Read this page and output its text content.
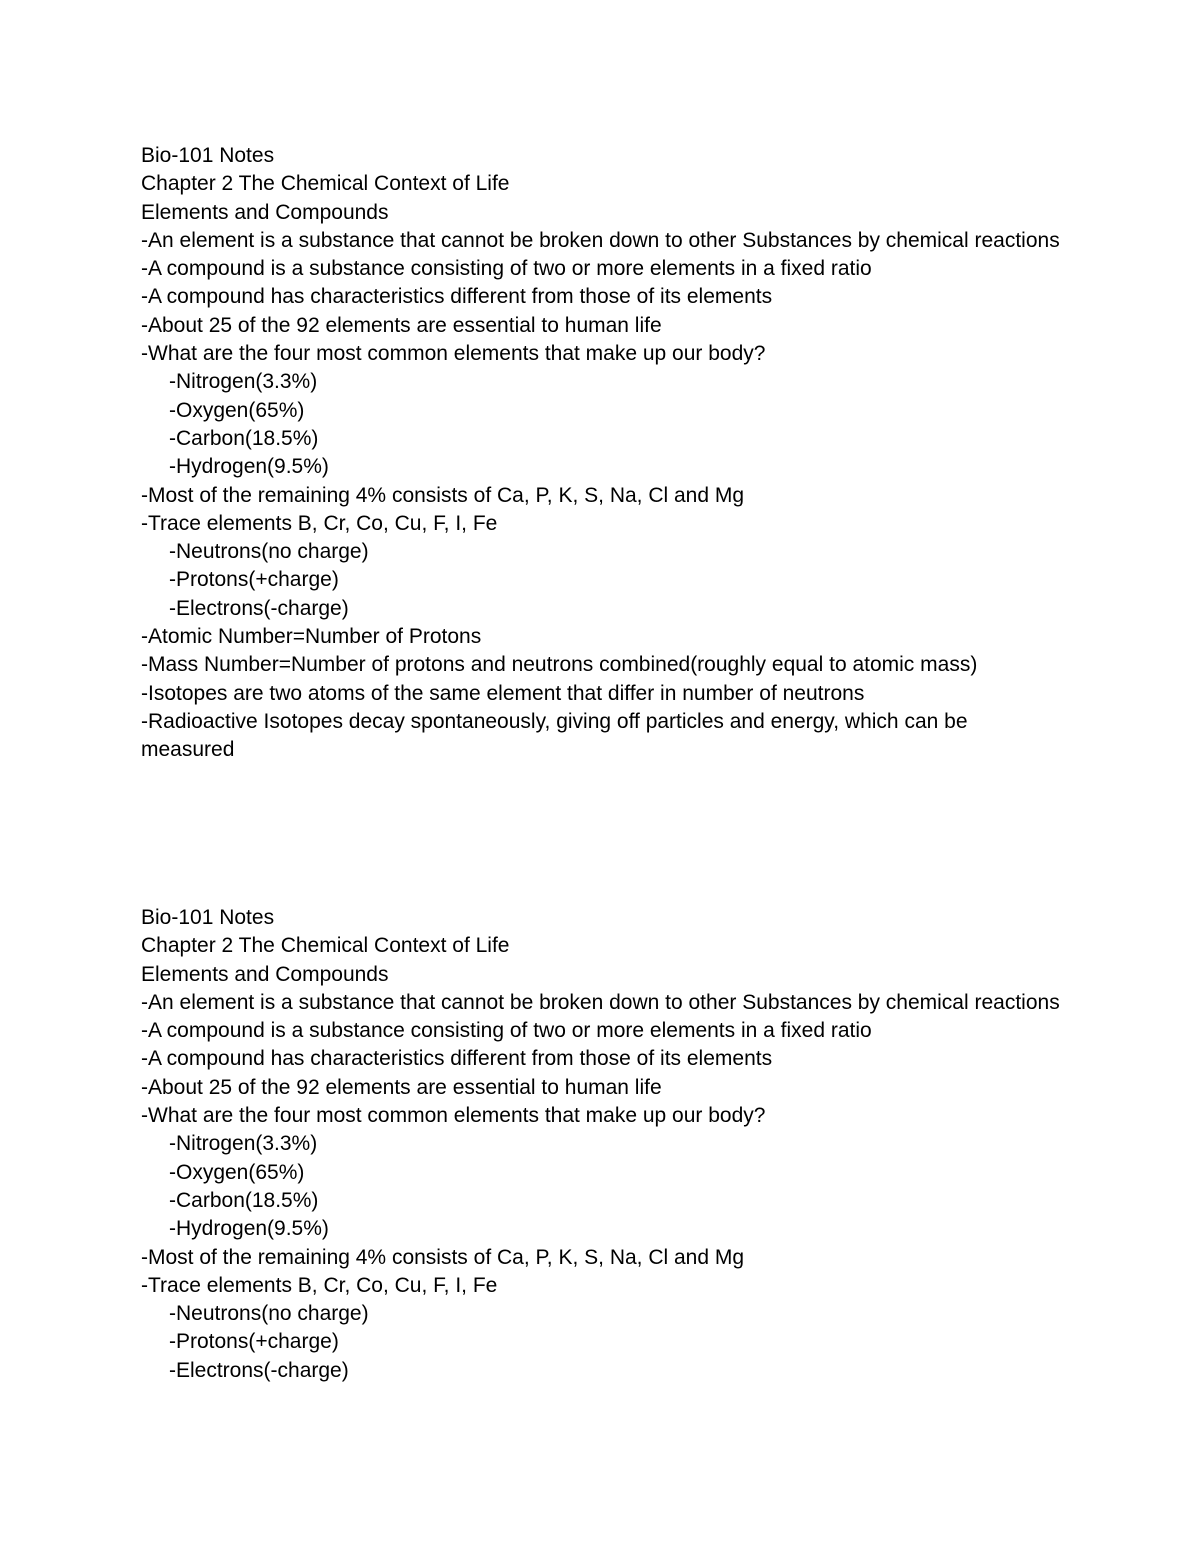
Bio-101 Notes

Chapter 2 The Chemical Context of Life

Elements and Compounds

-An element is a substance that cannot be broken down to other Substances by chemical reactions

-A compound is a substance consisting of two or more elements in a fixed ratio

-A compound has characteristics different from those of its elements

-About 25 of the 92 elements are essential to human life

-What are the four most common elements that make up our body?

-Nitrogen(3.3%)

-Oxygen(65%)

-Carbon(18.5%)

-Hydrogen(9.5%)

-Most of the remaining 4% consists of Ca, P, K, S, Na, Cl and Mg

-Trace elements B, Cr, Co, Cu, F, I, Fe

-Neutrons(no charge)

-Protons(+charge)

-Electrons(-charge)

-Atomic Number=Number of Protons

-Mass Number=Number of protons and neutrons combined(roughly equal to atomic mass)

-Isotopes are two atoms of the same element that differ in number of neutrons

-Radioactive Isotopes decay spontaneously, giving off particles and energy, which can be measured

Bio-101 Notes

Chapter 2 The Chemical Context of Life

Elements and Compounds

-An element is a substance that cannot be broken down to other Substances by chemical reactions

-A compound is a substance consisting of two or more elements in a fixed ratio

-A compound has characteristics different from those of its elements

-About 25 of the 92 elements are essential to human life

-What are the four most common elements that make up our body?

-Nitrogen(3.3%)

-Oxygen(65%)

-Carbon(18.5%)

-Hydrogen(9.5%)

-Most of the remaining 4% consists of Ca, P, K, S, Na, Cl and Mg

-Trace elements B, Cr, Co, Cu, F, I, Fe

-Neutrons(no charge)

-Protons(+charge)

-Electrons(-charge)
